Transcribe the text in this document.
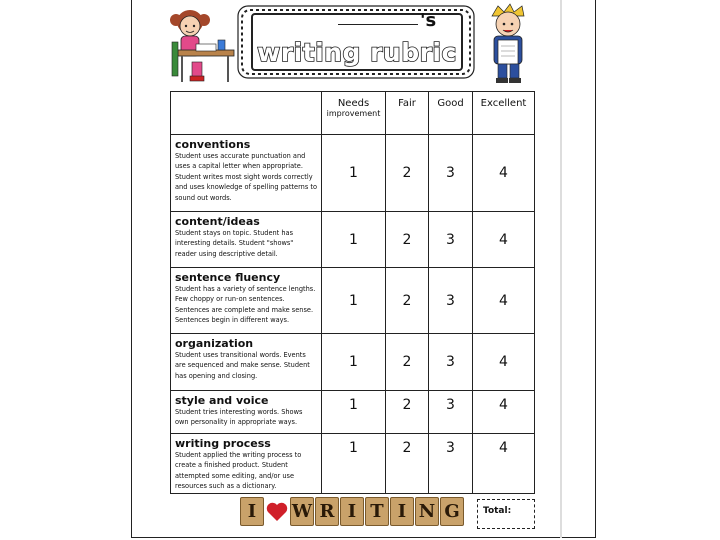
's
writing rubric

	Needs
improvement	Fair	Good	Excellent

conventions
Student uses accurate punctuation and uses a capital letter when appropriate. Student writes most sight words correctly and uses knowledge of spelling patterns to sound out words.	1	2	3	4

content/ideas
Student stays on topic. Student has interesting details. Student "shows" reader using descriptive detail.	1	2	3	4

sentence fluency
Student has a variety of sentence lengths. Few choppy or run-on sentences. Sentences are complete and make sense. Sentences begin in different ways.	1	2	3	4

organization
Student uses transitional words. Events are sequenced and make sense. Student has opening and closing.	1	2	3	4

style and voice
Student tries interesting words. Shows own personality in appropriate ways.	1	2	3	4

writing process
Student applied the writing process to create a finished product. Student attempted some editing, and/or use resources such as a dictionary.	1	2	3	4
I	W R I T I N G	Total:
